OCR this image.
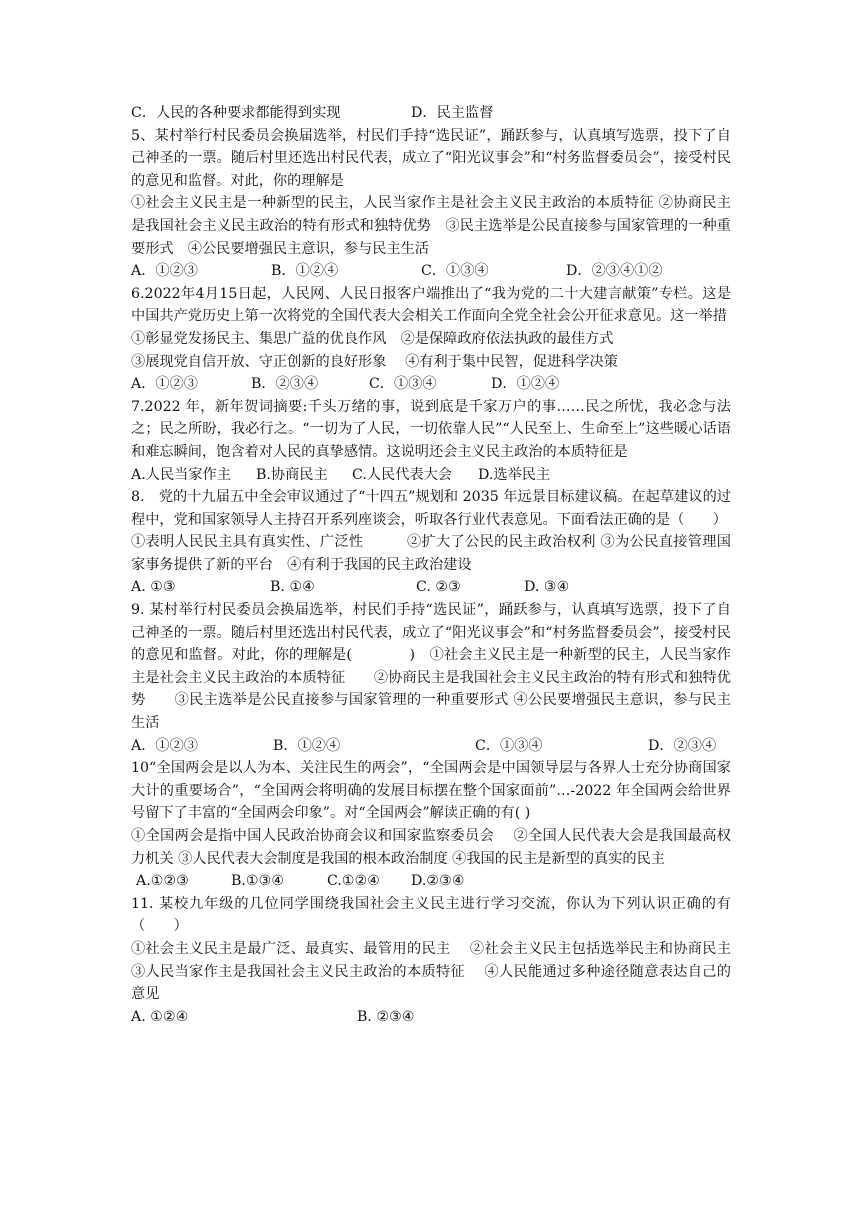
C．人民的各种要求都能得到实现	D．民主监督
5、某村举行村民委员会换届选举，村民们手持“选民证”，踊跃参与，认真填写选票，投下了自己神圣的一票。随后村里还选出村民代表，成立了“阳光议事会”和“村务监督委员会”，接受村民的意见和监督。对此，你的理解是
①社会主义民主是一种新型的民主，人民当家作主是社会主义民主政治的本质特征 ②协商民主是我国社会主义民主政治的特有形式和独特优势　③民主选举是公民直接参与国家管理的一种重要形式　④公民要增强民主意识，参与民主生活
A．①②③	B．①②④	C．①③④	D．②③④①②
6.2022年4月15日起，人民网、人民日报客户端推出了“我为党的二十大建言献策”专栏。这是中国共产党历史上第一次将党的全国代表大会相关工作面向全党全社会公开征求意见。这一举措
①彰显党发扬民主、集思广益的优良作风　②是保障政府依法执政的最佳方式
③展现党自信开放、守正创新的良好形象　 ④有利于集中民智，促进科学决策
A．①②③	B．②③④	C．①③④	D．①②④
7.2022 年，新年贺词摘要:千头万绪的事，说到底是千家万户的事……民之所忧，我必念与法之；民之所盼，我必行之。“一切为了人民，一切依靠人民”“人民至上、生命至上”这些暖心话语和难忘瞬间，饱含着对人民的真挚感情。这说明还会主义民主政治的本质特征是
A.人民当家作主	B.协商民主	C.人民代表大会	D.选举民主
8.　党的十九届五中全会审议通过了“十四五”规划和 2035 年远景目标建议稿。在起草建议的过程中，党和国家领导人主持召开系列座谈会，听取各行业代表意见。下面看法正确的是（　　）
①表明人民民主具有真实性、广泛性　　　②扩大了公民的民主政治权利 ③为公民直接管理国家事务提供了新的平台　④有利于我国的民主政治建设
A. ①③	B. ①④	C. ②③	D. ③④
9. 某村举行村民委员会换届选举，村民们手持“选民证”，踊跃参与，认真填写选票，投下了自己神圣的一票。随后村里还选出村民代表，成立了“阳光议事会”和“村务监督委员会”，接受村民的意见和监督。对此，你的理解是(　　　　)　①社会主义民主是一种新型的民主，人民当家作主是社会主义民主政治的本质特征　　②协商民主是我国社会主义民主政治的特有形式和独特优势　　③民主选举是公民直接参与国家管理的一种重要形式 ④公民要增强民主意识，参与民主生活
A．①②③	B．①②④	C．①③④	D．②③④
10“全国两会是以人为本、关注民生的两会”，“全国两会是中国领导层与各界人士充分协商国家大计的重要场合”，“全国两会将明确的发展目标摆在整个国家面前”…-2022 年全国两会给世界号留下了丰富的“全国两会印象”。对“全国两会”解读正确的有( )
①全国两会是指中国人民政治协商会议和国家监察委员会　 ②全国人民代表大会是我国最高权力机关 ③人民代表大会制度是我国的根本政治制度 ④我国的民主是新型的真实的民主
A.①②③	B.①③④	C.①②④	D.②③④
11. 某校九年级的几位同学围绕我国社会主义民主进行学习交流，你认为下列认识正确的有（　　）
①社会主义民主是最广泛、最真实、最管用的民主　 ②社会主义民主包括选举民主和协商民主　 ③人民当家作主是我国社会主义民主政治的本质特征　 ④人民能通过多种途径随意表达自己的意见
A. ①②④	B. ②③④
